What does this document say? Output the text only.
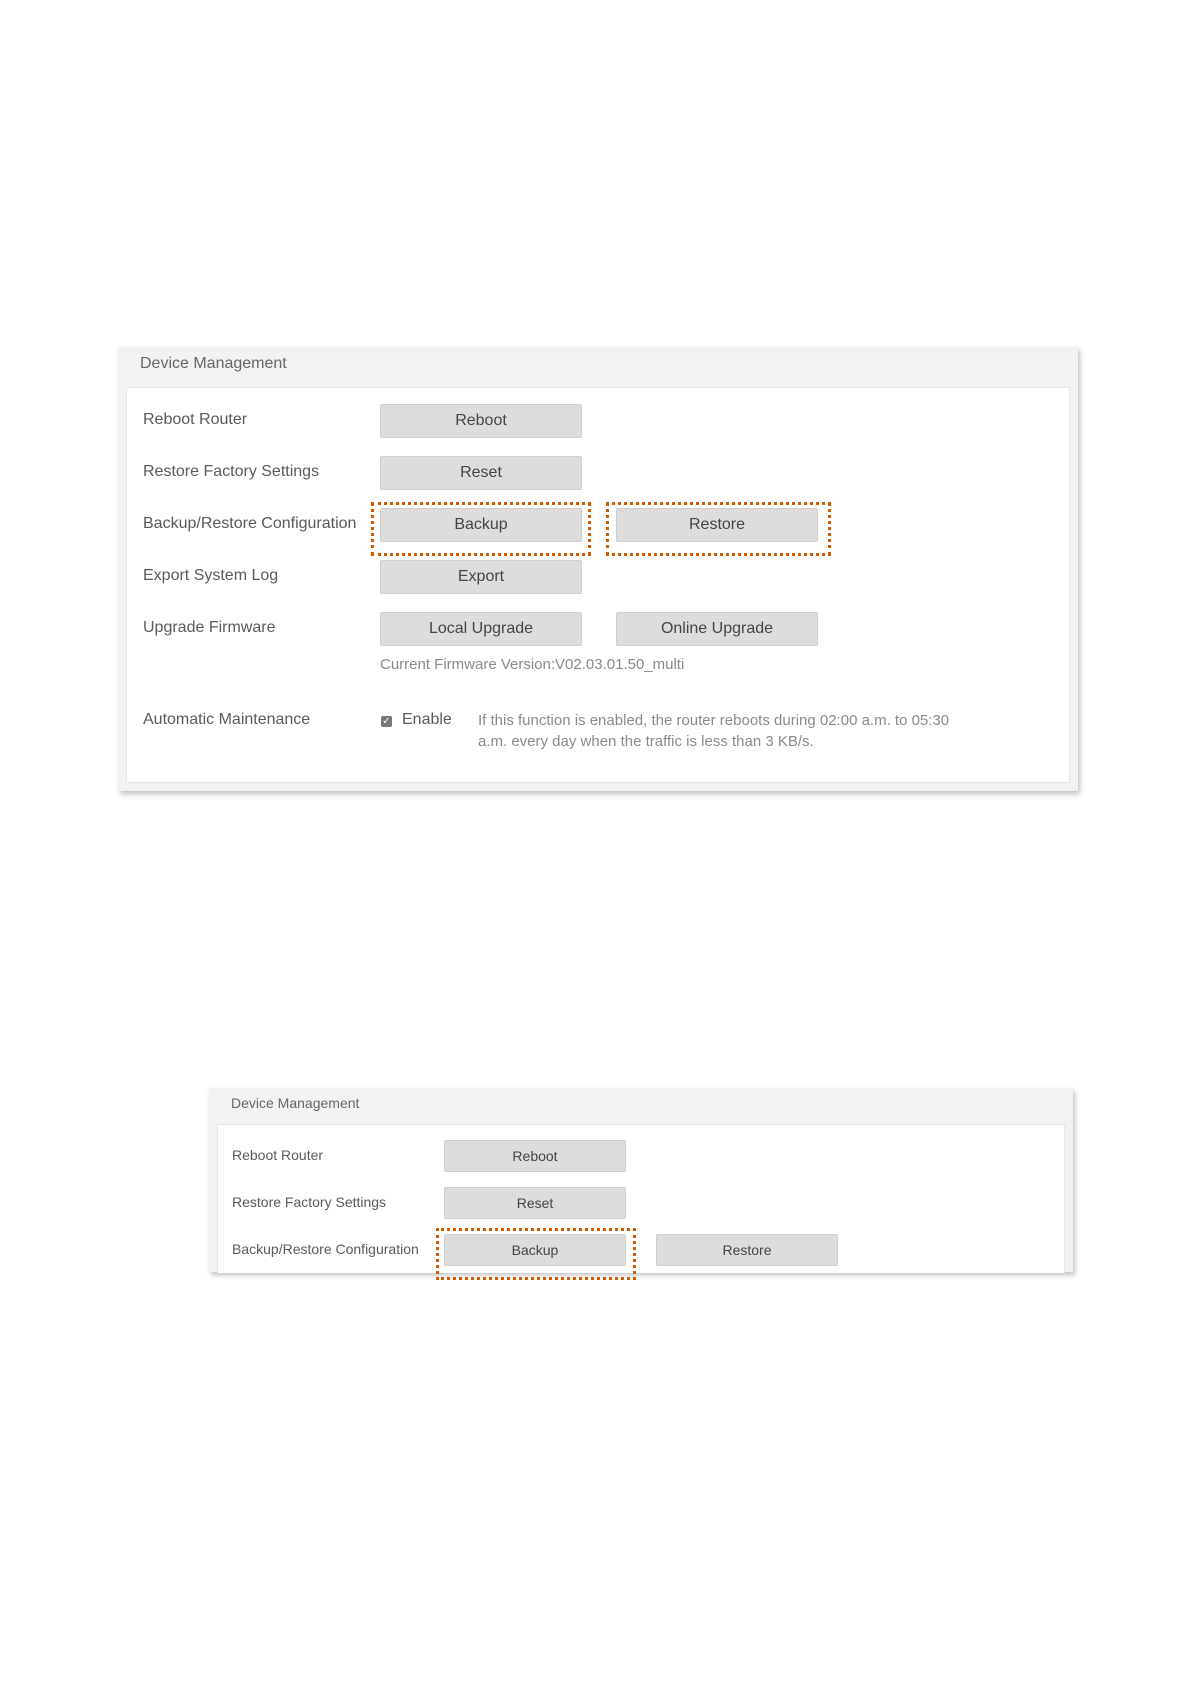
Device Management
Reboot Router	Reboot
Restore Factory Settings	Reset
Backup/Restore Configuration	Backup	Restore
Export System Log	Export
Upgrade Firmware	Local Upgrade	Online Upgrade
Current Firmware Version:V02.03.01.50_multi
Automatic Maintenance	✓ Enable If this function is enabled, the router reboots during 02:00 a.m. to 05:30
a.m. every day when the traffic is less than 3 KB/s.
Device Management
Reboot Router	Reboot
Restore Factory Settings	Reset
Backup/Restore Configuration	Backup	Restore
